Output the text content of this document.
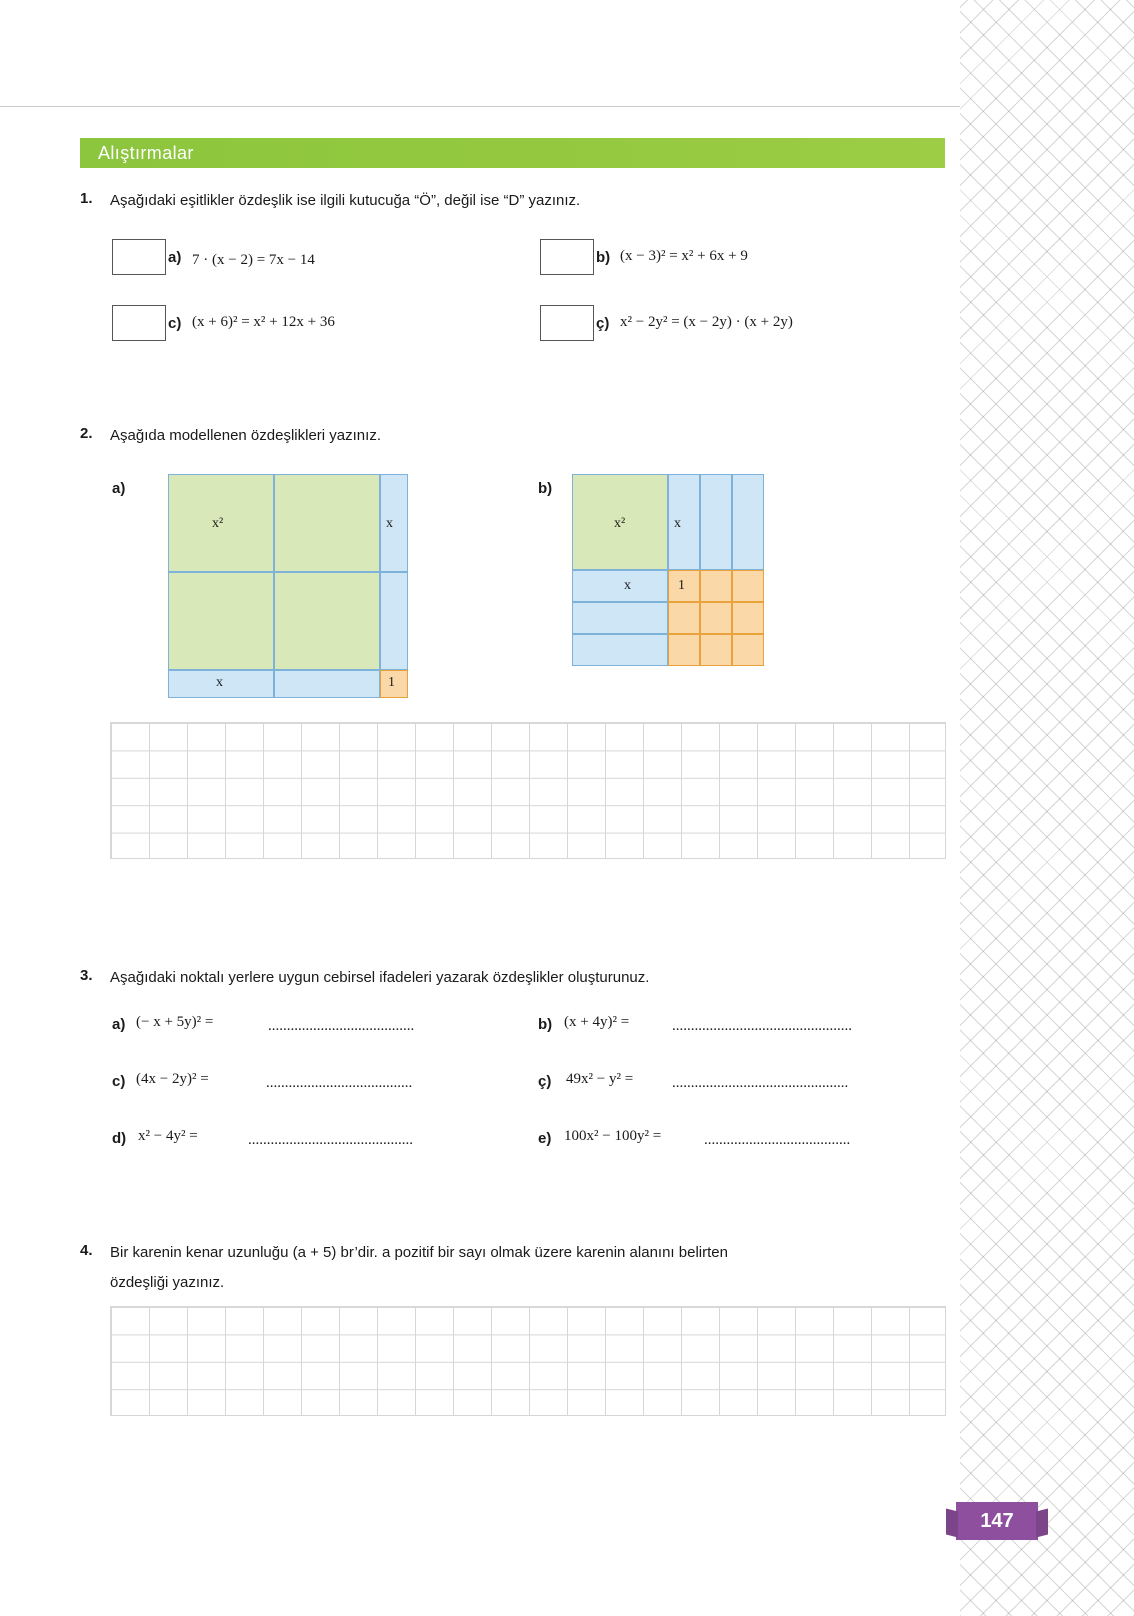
Alıştırmalar
1. Aşağıdaki eşitlikler özdeşlik ise ilgili kutucuğa “Ö”, değil ise “D” yazınız.
a) 7 · (x − 2) = 7x − 14	b) (x − 3)² = x² + 6x + 9
c) (x + 6)² = x² + 12x + 36	ç) x² − 2y² = (x − 2y) · (x + 2y)
2. Aşağıda modellenen özdeşlikleri yazınız.
a)
x²	x
x	1
b)
x²	x
x	1
3. Aşağıdaki noktalı yerlere uygun cebirsel ifadeleri yazarak özdeşlikler oluşturunuz.
a) (− x + 5y)² =	.......................................	b) (x + 4y)² =	................................................
c) (4x − 2y)² =	.......................................	ç) 49x² − y² =	...............................................
d) x² − 4y² =	............................................	e) 100x² − 100y² =	.......................................
4. Bir karenin kenar uzunluğu (a + 5) br’dir. a pozitif bir sayı olmak üzere karenin alanını belirten
özdeşliği yazınız.
147
